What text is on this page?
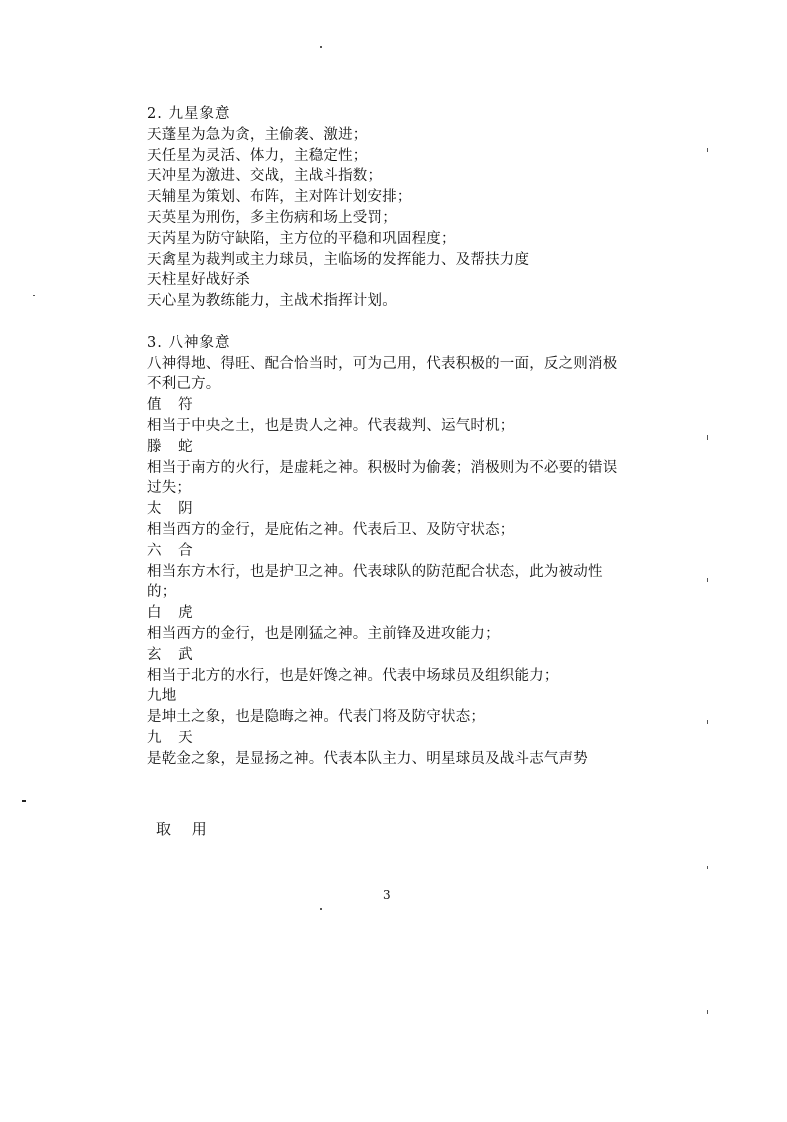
2. 九星象意
天蓬星为急为贪，主偷袭、激进；
天任星为灵活、体力，主稳定性；
天冲星为激进、交战，主战斗指数；
天辅星为策划、布阵，主对阵计划安排；
天英星为刑伤，多主伤病和场上受罚；
天芮星为防守缺陷，主方位的平稳和巩固程度；
天禽星为裁判或主力球员，主临场的发挥能力、及帮扶力度
天柱星好战好杀
天心星为教练能力，主战术指挥计划。
3. 八神象意
八神得地、得旺、配合恰当时，可为己用，代表积极的一面，反之则消极不利己方。
值 符
相当于中央之土，也是贵人之神。代表裁判、运气时机；
滕 蛇
相当于南方的火行，是虚耗之神。积极时为偷袭；消极则为不必要的错误过失；
太 阴
相当西方的金行，是庇佑之神。代表后卫、及防守状态；
六 合
相当东方木行，也是护卫之神。代表球队的防范配合状态，此为被动性的；
白 虎
相当西方的金行，也是刚猛之神。主前锋及进攻能力；
玄 武
相当于北方的水行，也是奸馋之神。代表中场球员及组织能力；
九地
是坤土之象，也是隐晦之神。代表门将及防守状态；
九 天
是乾金之象，是显扬之神。代表本队主力、明星球员及战斗志气声势
取 用
3
